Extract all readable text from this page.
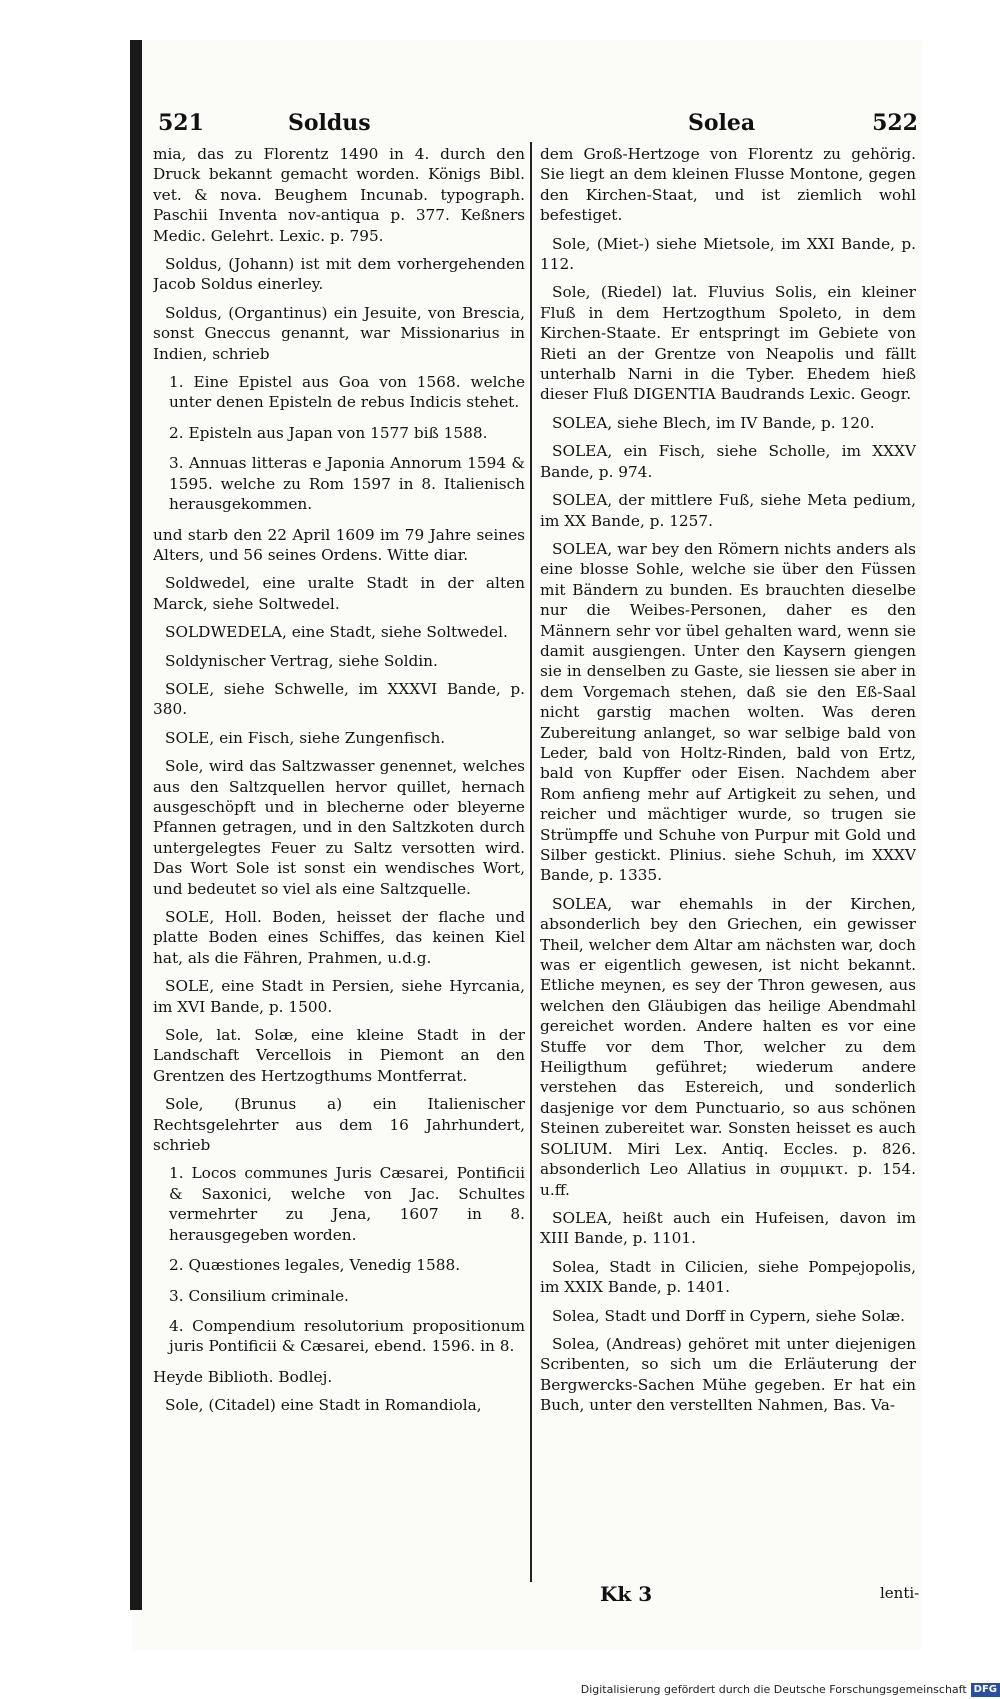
521	Soldus	Solea	522

mia, das zu Florentz 1490 in 4. durch den Druck bekannt gemacht worden. Königs Bibl. vet. & nova. Beughem Incunab. typograph. Paschii Inventa nov-antiqua p. 377. Keßners Medic. Gelehrt. Lexic. p. 795.

Soldus, (Johann) ist mit dem vorhergehenden Jacob Soldus einerley.

Soldus, (Organtinus) ein Jesuite, von Brescia, sonst Gneccus genannt, war Missionarius in Indien, schrieb

1. Eine Epistel aus Goa von 1568. welche unter denen Episteln de rebus Indicis stehet.
2. Episteln aus Japan von 1577 biß 1588.
3. Annuas litteras e Japonia Annorum 1594 & 1595. welche zu Rom 1597 in 8. Italienisch herausgekommen.

und starb den 22 April 1609 im 79 Jahre seines Alters, und 56 seines Ordens. Witte diar.

Soldwedel, eine uralte Stadt in der alten Marck, siehe Soltwedel.

SOLDWEDELA, eine Stadt, siehe Soltwedel.

Soldynischer Vertrag, siehe Soldin.

SOLE, siehe Schwelle, im XXXVI Bande, p. 380.

SOLE, ein Fisch, siehe Zungenfisch.

Sole, wird das Saltzwasser genennet, welches aus den Saltzquellen hervor quillet, hernach ausgeschöpft und in blecherne oder bleyerne Pfannen getragen, und in den Saltzkoten durch untergelegtes Feuer zu Saltz versotten wird. Das Wort Sole ist sonst ein wendisches Wort, und bedeutet so viel als eine Saltzquelle.

SOLE, Holl. Boden, heisset der flache und platte Boden eines Schiffes, das keinen Kiel hat, als die Fähren, Prahmen, u.d.g.

SOLE, eine Stadt in Persien, siehe Hyrcania, im XVI Bande, p. 1500.

Sole, lat. Solæ, eine kleine Stadt in der Landschaft Vercellois in Piemont an den Grentzen des Hertzogthums Montferrat.

Sole, (Brunus a) ein Italienischer Rechtsgelehrter aus dem 16 Jahrhundert, schrieb

1. Locos communes Juris Cæsarei, Pontificii & Saxonici, welche von Jac. Schultes vermehrter zu Jena, 1607 in 8. herausgegeben worden.
2. Quæstiones legales, Venedig 1588.
3. Consilium criminale.
4. Compendium resolutorium propositionum juris Pontificii & Cæsarei, ebend. 1596. in 8.

Heyde Biblioth. Bodlej.

Sole, (Citadel) eine Stadt in Romandiola,

dem Groß-Hertzoge von Florentz zu gehörig. Sie liegt an dem kleinen Flusse Montone, gegen den Kirchen-Staat, und ist ziemlich wohl befestiget.

Sole, (Miet-) siehe Mietsole, im XXI Bande, p. 112.

Sole, (Riedel) lat. Fluvius Solis, ein kleiner Fluß in dem Hertzogthum Spoleto, in dem Kirchen-Staate. Er entspringt im Gebiete von Rieti an der Grentze von Neapolis und fällt unterhalb Narni in die Tyber. Ehedem hieß dieser Fluß DIGENTIA Baudrands Lexic. Geogr.

SOLEA, siehe Blech, im IV Bande, p. 120.

SOLEA, ein Fisch, siehe Scholle, im XXXV Bande, p. 974.

SOLEA, der mittlere Fuß, siehe Meta pedium, im XX Bande, p. 1257.

SOLEA, war bey den Römern nichts anders als eine blosse Sohle, welche sie über den Füssen mit Bändern zu bunden. Es brauchten dieselbe nur die Weibes-Personen, daher es den Männern sehr vor übel gehalten ward, wenn sie damit ausgiengen. Unter den Kaysern giengen sie in denselben zu Gaste, sie liessen sie aber in dem Vorgemach stehen, daß sie den Eß-Saal nicht garstig machen wolten. Was deren Zubereitung anlanget, so war selbige bald von Leder, bald von Holtz-Rinden, bald von Ertz, bald von Kupffer oder Eisen. Nachdem aber Rom anfieng mehr auf Artigkeit zu sehen, und reicher und mächtiger wurde, so trugen sie Strümpffe und Schuhe von Purpur mit Gold und Silber gestickt. Plinius. siehe Schuh, im XXXV Bande, p. 1335.

SOLEA, war ehemahls in der Kirchen, absonderlich bey den Griechen, ein gewisser Theil, welcher dem Altar am nächsten war, doch was er eigentlich gewesen, ist nicht bekannt. Etliche meynen, es sey der Thron gewesen, aus welchen den Gläubigen das heilige Abendmahl gereichet worden. Andere halten es vor eine Stuffe vor dem Thor, welcher zu dem Heiligthum geführet; wiederum andere verstehen das Estereich, und sonderlich dasjenige vor dem Punctuario, so aus schönen Steinen zubereitet war. Sonsten heisset es auch SOLIUM. Miri Lex. Antiq. Eccles. p. 826. absonderlich Leo Allatius in συμμικτ. p. 154. u.ff.

SOLEA, heißt auch ein Hufeisen, davon im XIII Bande, p. 1101.

Solea, Stadt in Cilicien, siehe Pompejopolis, im XXIX Bande, p. 1401.

Solea, Stadt und Dorff in Cypern, siehe Solæ.

Solea, (Andreas) gehöret mit unter diejenigen Scribenten, so sich um die Erläuterung der Bergwercks-Sachen Mühe gegeben. Er hat ein Buch, unter den verstellten Nahmen, Bas. Va-

Kk 3	lenti-
Digitalisierung gefördert durch die Deutsche Forschungsgemeinschaft DFG
